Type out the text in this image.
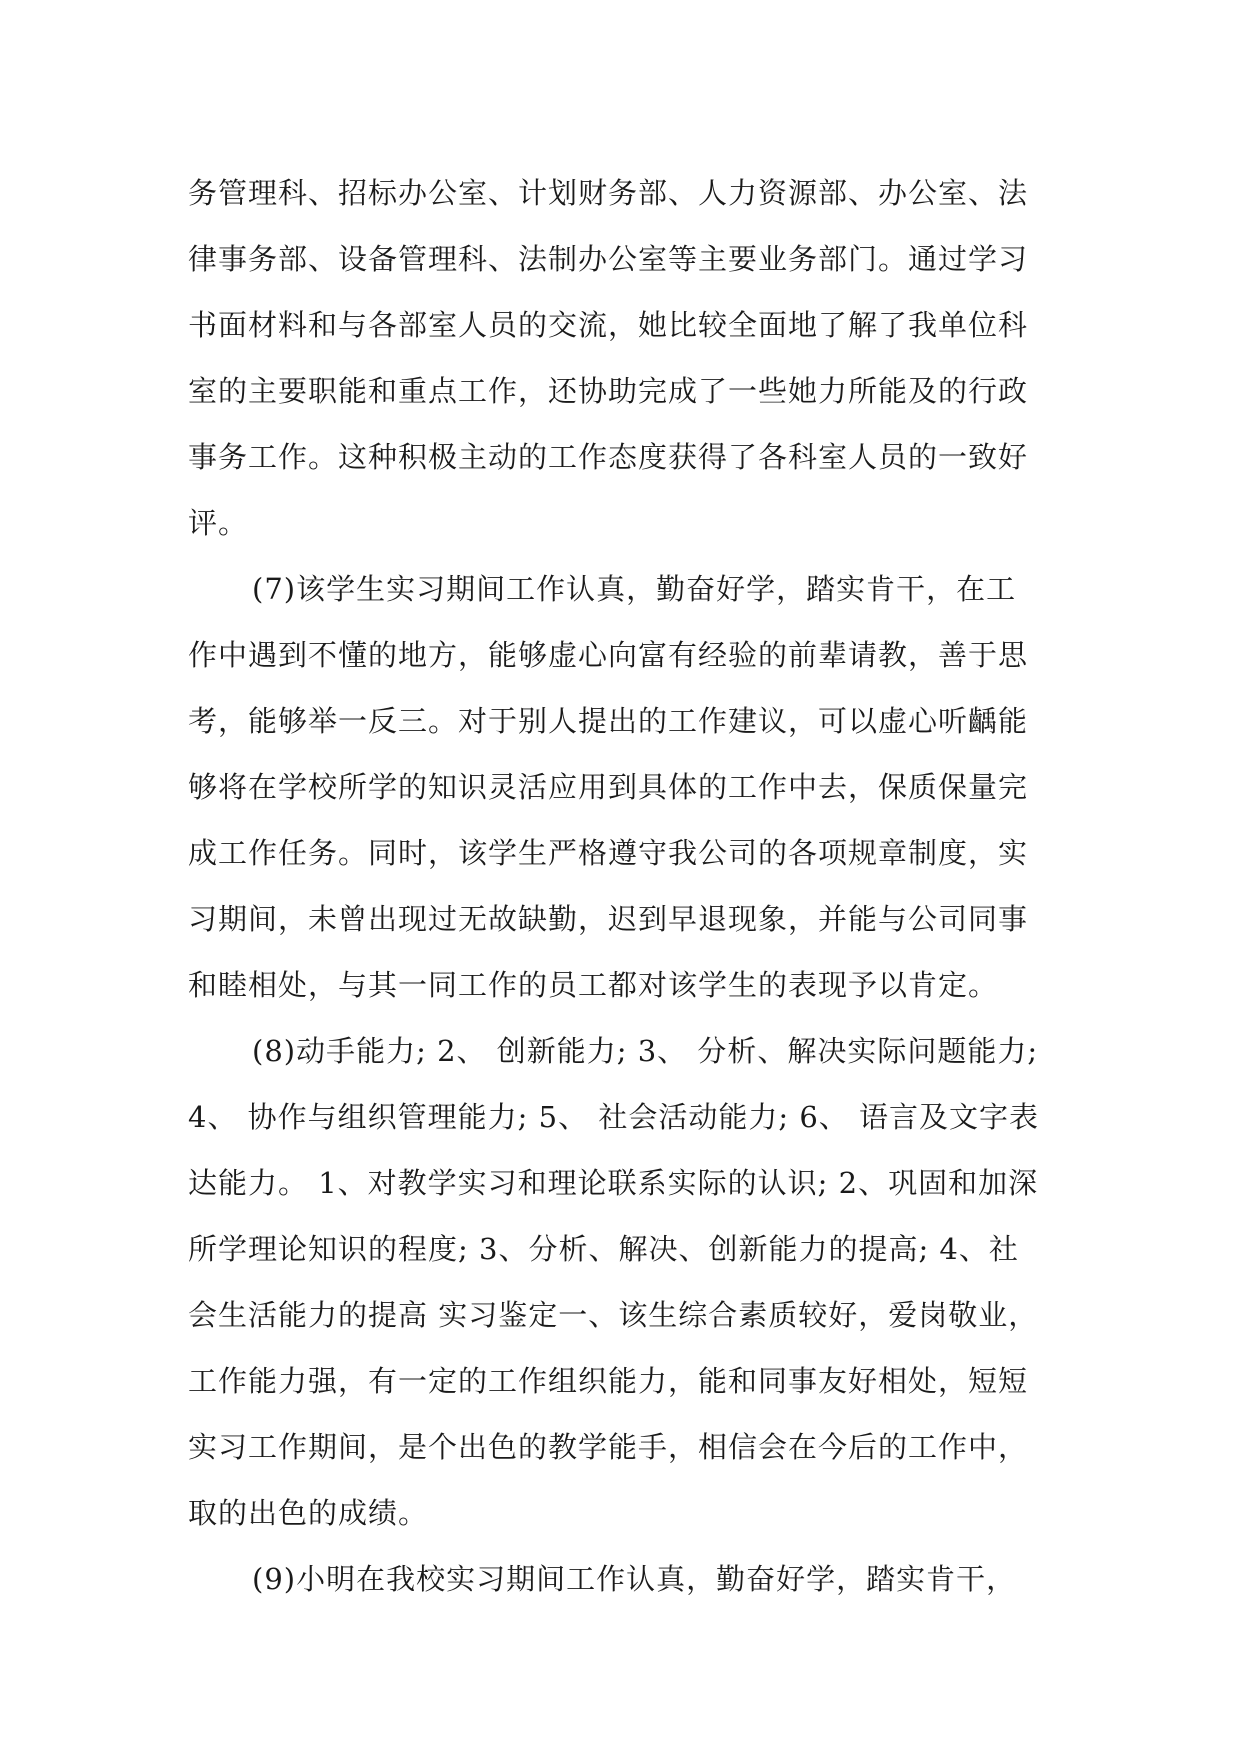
务管理科、招标办公室、计划财务部、人力资源部、办公室、法
律事务部、设备管理科、法制办公室等主要业务部门。通过学习
书面材料和与各部室人员的交流，她比较全面地了解了我单位科
室的主要职能和重点工作，还协助完成了一些她力所能及的行政
事务工作。这种积极主动的工作态度获得了各科室人员的一致好
评。
(7)该学生实习期间工作认真，勤奋好学，踏实肯干，在工
作中遇到不懂的地方，能够虚心向富有经验的前辈请教，善于思
考，能够举一反三。对于别人提出的工作建议，可以虚心听齲能
够将在学校所学的知识灵活应用到具体的工作中去，保质保量完
成工作任务。同时，该学生严格遵守我公司的各项规章制度，实
习期间，未曾出现过无故缺勤，迟到早退现象，并能与公司同事
和睦相处，与其一同工作的员工都对该学生的表现予以肯定。
(8)动手能力; 2、 创新能力; 3、 分析、解决实际问题能力;
4、 协作与组织管理能力; 5、 社会活动能力; 6、 语言及文字表
达能力。 1、对教学实习和理论联系实际的认识; 2、巩固和加深
所学理论知识的程度; 3、分析、解决、创新能力的提高; 4、社
会生活能力的提高 实习鉴定一、该生综合素质较好，爱岗敬业，
工作能力强，有一定的工作组织能力，能和同事友好相处，短短
实习工作期间，是个出色的教学能手，相信会在今后的工作中，
取的出色的成绩。
(9)小明在我校实习期间工作认真，勤奋好学，踏实肯干，
